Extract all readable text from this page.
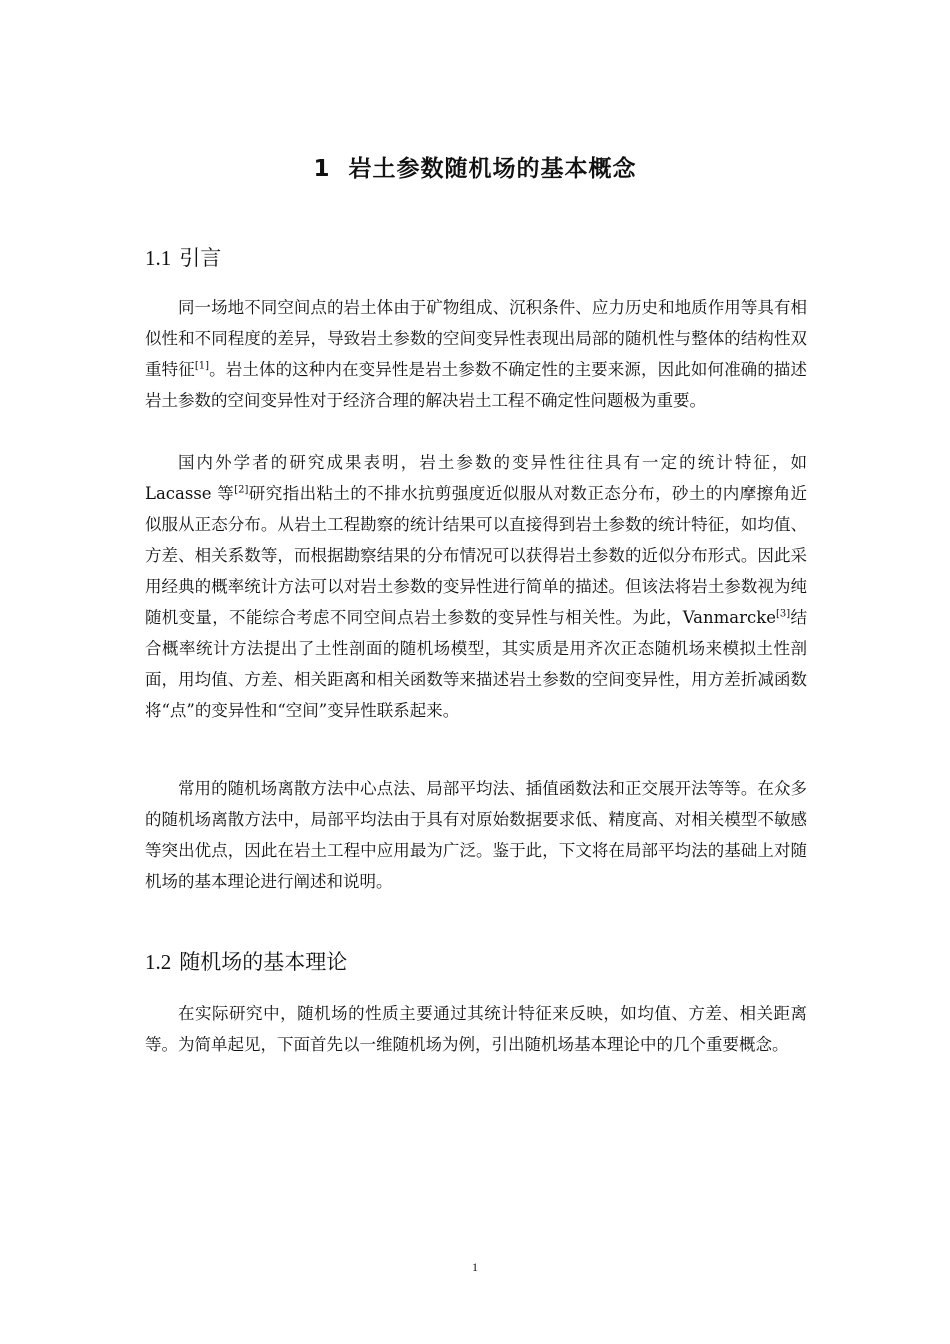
1 岩土参数随机场的基本概念
1.1 引言

同一场地不同空间点的岩土体由于矿物组成、沉积条件、应力历史和地质作用等具有相似性和不同程度的差异，导致岩土参数的空间变异性表现出局部的随机性与整体的结构性双重特征[1]。岩土体的这种内在变异性是岩土参数不确定性的主要来源，因此如何准确的描述岩土参数的空间变异性对于经济合理的解决岩土工程不确定性问题极为重要。

国内外学者的研究成果表明，岩土参数的变异性往往具有一定的统计特征，如 Lacasse 等[2]研究指出粘土的不排水抗剪强度近似服从对数正态分布，砂土的内摩擦角近似服从正态分布。从岩土工程勘察的统计结果可以直接得到岩土参数的统计特征，如均值、方差、相关系数等，而根据勘察结果的分布情况可以获得岩土参数的近似分布形式。因此采用经典的概率统计方法可以对岩土参数的变异性进行简单的描述。但该法将岩土参数视为纯随机变量，不能综合考虑不同空间点岩土参数的变异性与相关性。为此，Vanmarcke[3]结合概率统计方法提出了土性剖面的随机场模型，其实质是用齐次正态随机场来模拟土性剖面，用均值、方差、相关距离和相关函数等来描述岩土参数的空间变异性，用方差折减函数将“点”的变异性和“空间”变异性联系起来。

常用的随机场离散方法中心点法、局部平均法、插值函数法和正交展开法等等。在众多的随机场离散方法中，局部平均法由于具有对原始数据要求低、精度高、对相关模型不敏感等突出优点，因此在岩土工程中应用最为广泛。鉴于此，下文将在局部平均法的基础上对随机场的基本理论进行阐述和说明。

1.2 随机场的基本理论

在实际研究中，随机场的性质主要通过其统计特征来反映，如均值、方差、相关距离等。为简单起见，下面首先以一维随机场为例，引出随机场基本理论中的几个重要概念。

1
